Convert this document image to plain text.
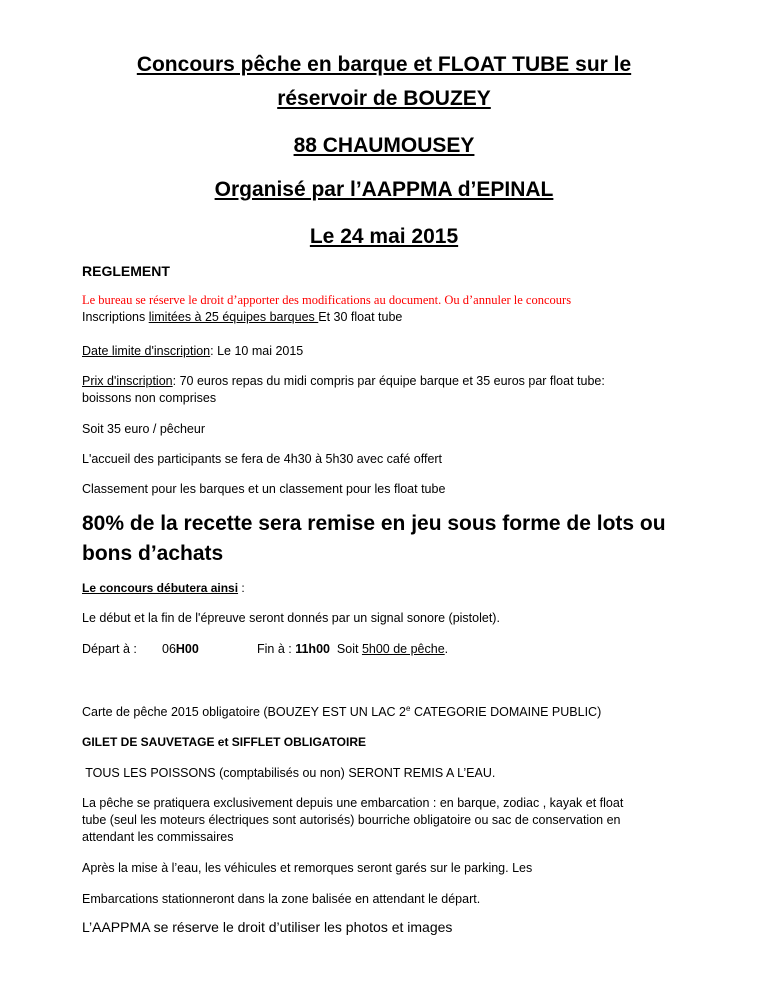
Concours pêche en barque et FLOAT TUBE sur le
réservoir de BOUZEY
88 CHAUMOUSEY
Organisé par l’AAPPMA d’EPINAL
Le 24 mai 2015
REGLEMENT
Le bureau se réserve le droit d’apporter des modifications au document. Ou d’annuler le concours
Inscriptions limitées à 25 équipes barques Et 30 float tube
Date limite d'inscription: Le 10 mai 2015
Prix d'inscription: 70 euros repas du midi compris par équipe barque et 35 euros par float tube:
boissons non comprises
Soit 35 euro / pêcheur
L'accueil des participants se fera de 4h30 à 5h30 avec café offert
Classement pour les barques et un classement pour les float tube
80% de la recette sera remise en jeu sous forme de lots ou
bons d’achats
Le concours débutera ainsi :
Le début et la fin de l'épreuve seront donnés par un signal sonore (pistolet).
Départ à : 06H00	Fin à : 11h00  Soit 5h00 de pêche.
Carte de pêche 2015 obligatoire (BOUZEY EST UN LAC 2e CATEGORIE DOMAINE PUBLIC)
GILET DE SAUVETAGE et SIFFLET OBLIGATOIRE
TOUS LES POISSONS (comptabilisés ou non) SERONT REMIS A L’EAU.
La pêche se pratiquera exclusivement depuis une embarcation : en barque, zodiac , kayak et float
tube (seul les moteurs électriques sont autorisés) bourriche obligatoire ou sac de conservation en
attendant les commissaires
Après la mise à l’eau, les véhicules et remorques seront garés sur le parking. Les
Embarcations stationneront dans la zone balisée en attendant le départ.
L’AAPPMA se réserve le droit d’utiliser les photos et images
